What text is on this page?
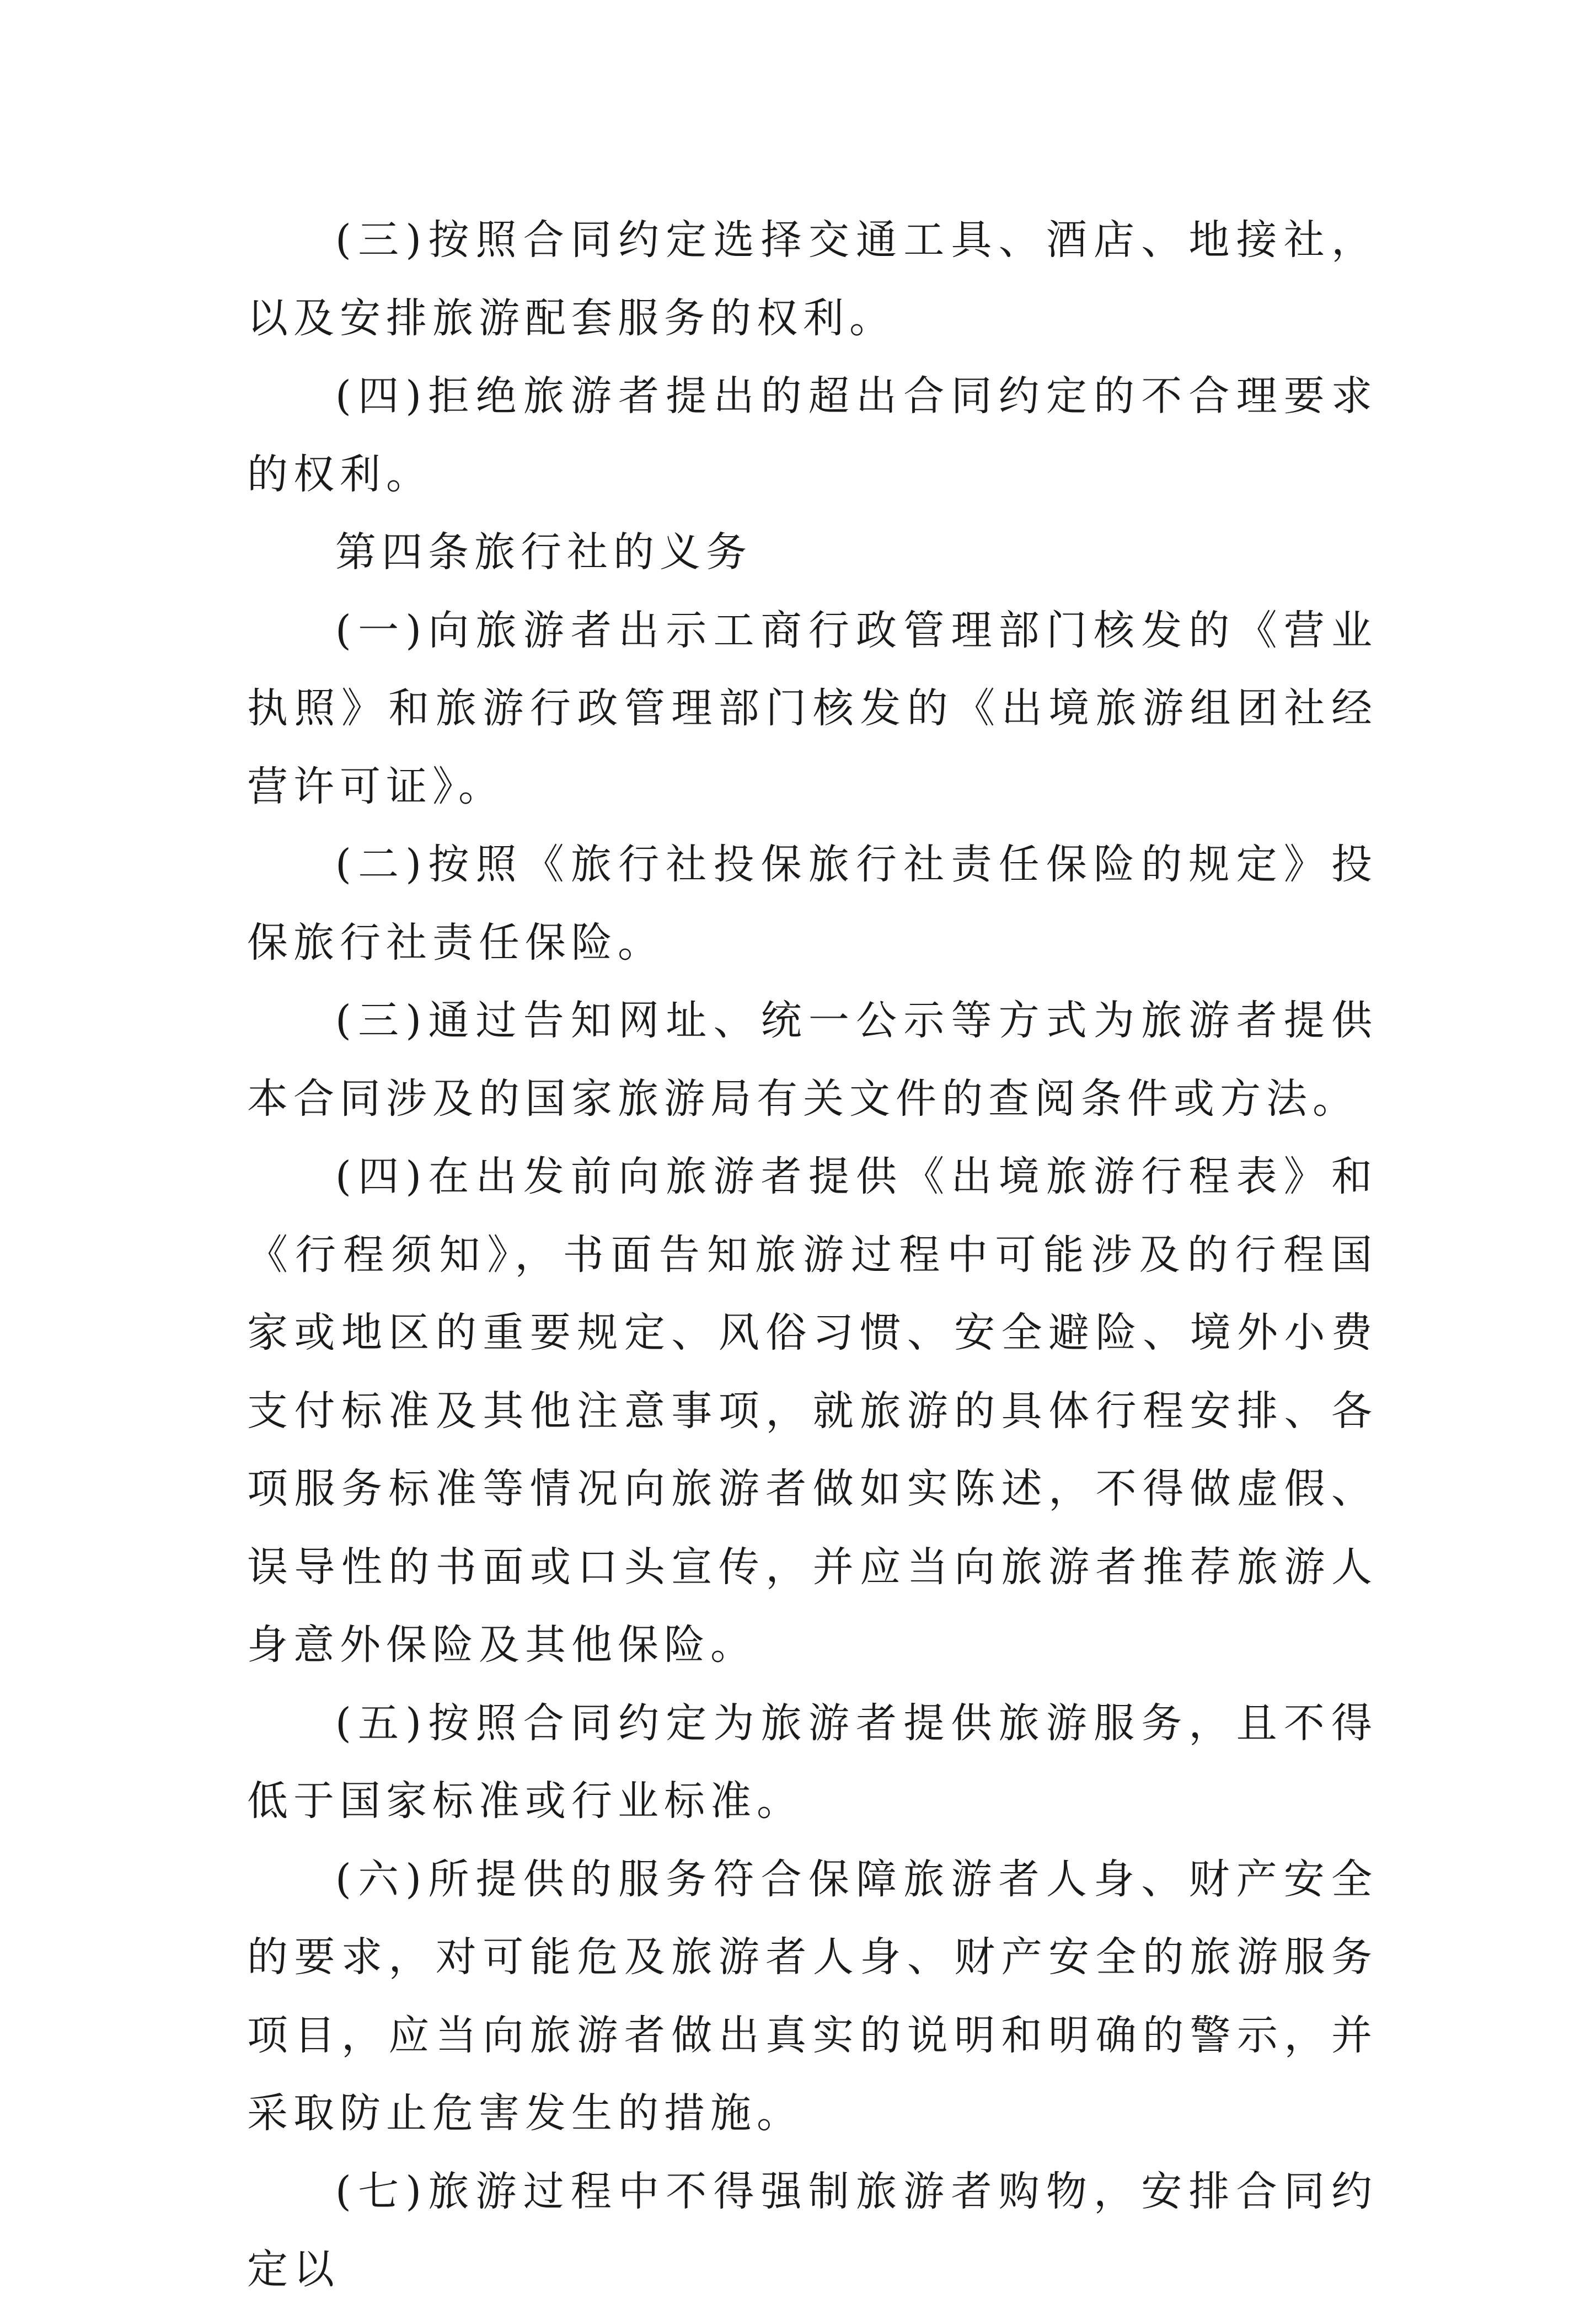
(三)按照合同约定选择交通工具、酒店、地接社，以及安排旅游配套服务的权利。

(四)拒绝旅游者提出的超出合同约定的不合理要求的权利。

第四条旅行社的义务

(一)向旅游者出示工商行政管理部门核发的《营业执照》和旅游行政管理部门核发的《出境旅游组团社经营许可证》。

(二)按照《旅行社投保旅行社责任保险的规定》投保旅行社责任保险。

(三)通过告知网址、统一公示等方式为旅游者提供本合同涉及的国家旅游局有关文件的查阅条件或方法。

(四)在出发前向旅游者提供《出境旅游行程表》和《行程须知》，书面告知旅游过程中可能涉及的行程国家或地区的重要规定、风俗习惯、安全避险、境外小费支付标准及其他注意事项，就旅游的具体行程安排、各项服务标准等情况向旅游者做如实陈述，不得做虚假、误导性的书面或口头宣传，并应当向旅游者推荐旅游人身意外保险及其他保险。

(五)按照合同约定为旅游者提供旅游服务，且不得低于国家标准或行业标准。

(六)所提供的服务符合保障旅游者人身、财产安全的要求，对可能危及旅游者人身、财产安全的旅游服务项目，应当向旅游者做出真实的说明和明确的警示，并采取防止危害发生的措施。

(七)旅游过程中不得强制旅游者购物，安排合同约定以
